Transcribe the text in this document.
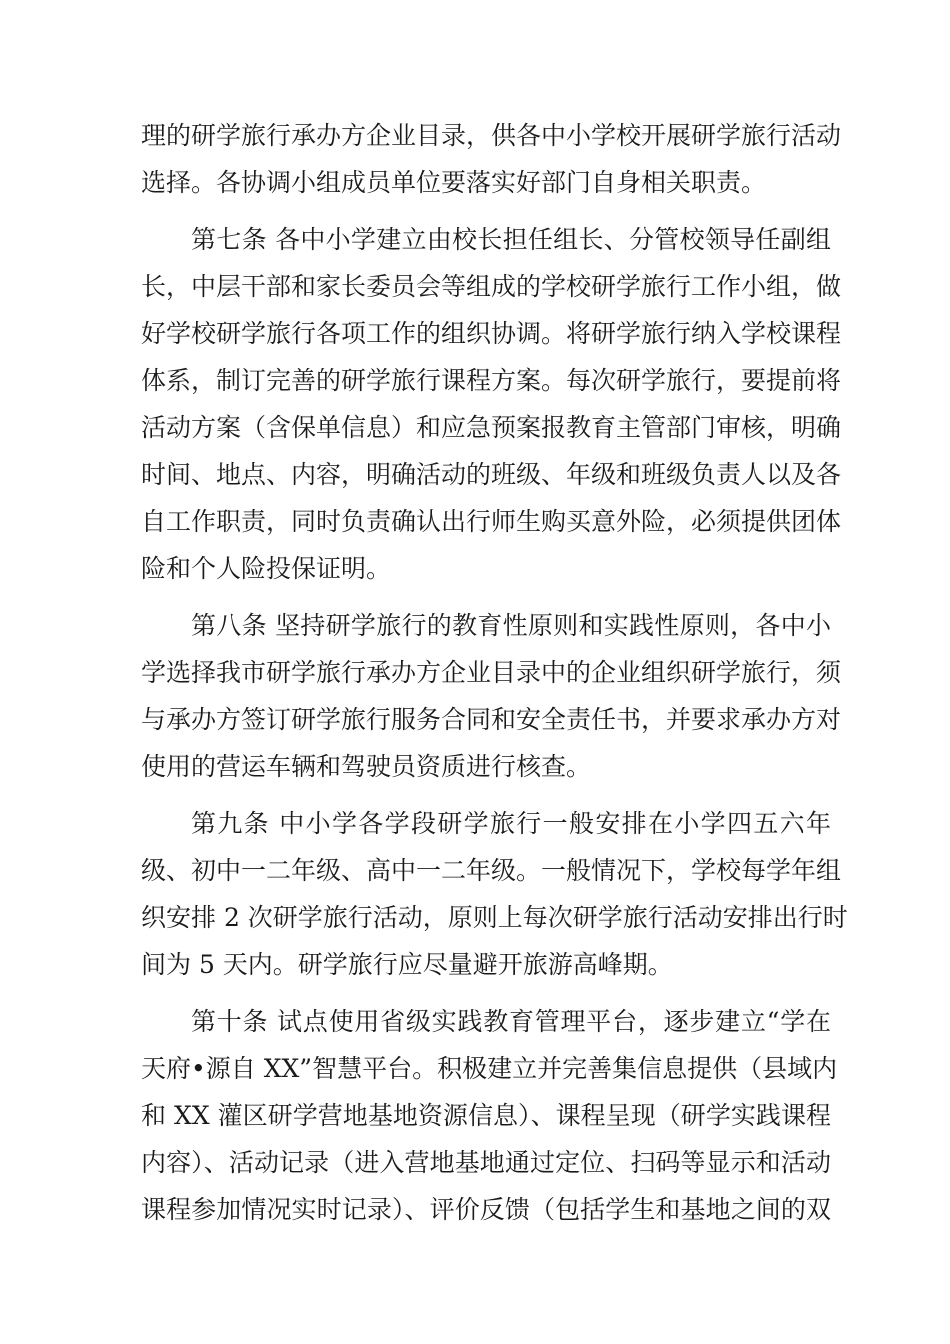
理的研学旅行承办方企业目录，供各中小学校开展研学旅行活动
选择。各协调小组成员单位要落实好部门自身相关职责。
第七条 各中小学建立由校长担任组长、分管校领导任副组
长，中层干部和家长委员会等组成的学校研学旅行工作小组，做
好学校研学旅行各项工作的组织协调。将研学旅行纳入学校课程
体系，制订完善的研学旅行课程方案。每次研学旅行，要提前将
活动方案（含保单信息）和应急预案报教育主管部门审核，明确
时间、地点、内容，明确活动的班级、年级和班级负责人以及各
自工作职责，同时负责确认出行师生购买意外险，必须提供团体
险和个人险投保证明。
第八条 坚持研学旅行的教育性原则和实践性原则，各中小
学选择我市研学旅行承办方企业目录中的企业组织研学旅行，须
与承办方签订研学旅行服务合同和安全责任书，并要求承办方对
使用的营运车辆和驾驶员资质进行核查。
第九条 中小学各学段研学旅行一般安排在小学四五六年
级、初中一二年级、高中一二年级。一般情况下，学校每学年组
织安排 2 次研学旅行活动，原则上每次研学旅行活动安排出行时
间为 5 天内。研学旅行应尽量避开旅游高峰期。
第十条 试点使用省级实践教育管理平台，逐步建立“学在
天府•源自 XX”智慧平台。积极建立并完善集信息提供（县域内
和 XX 灌区研学营地基地资源信息）、课程呈现（研学实践课程
内容）、活动记录（进入营地基地通过定位、扫码等显示和活动
课程参加情况实时记录）、评价反馈（包括学生和基地之间的双
